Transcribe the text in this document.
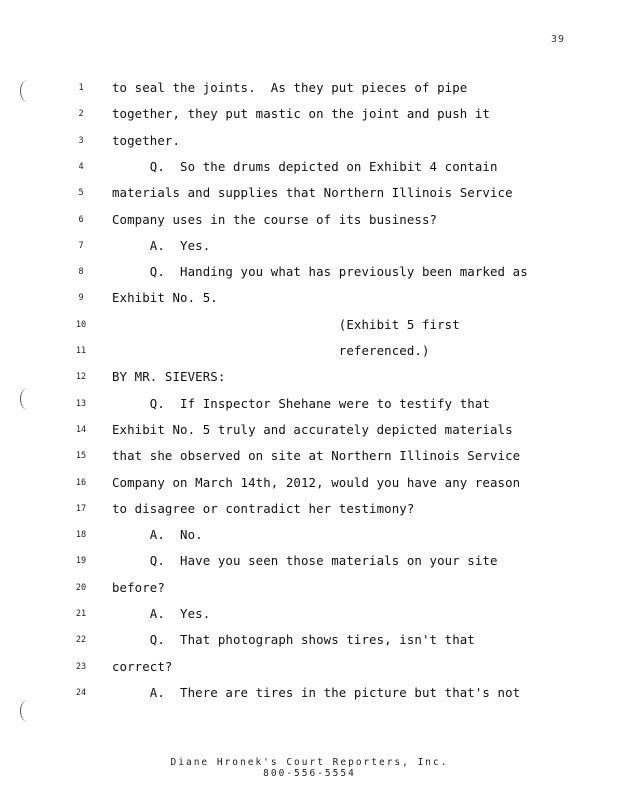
39
1	to seal the joints.  As they put pieces of pipe
2	together, they put mastic on the joint and push it
3	together.
4	Q.  So the drums depicted on Exhibit 4 contain
5	materials and supplies that Northern Illinois Service
6	Company uses in the course of its business?
7	A.  Yes.
8	Q.  Handing you what has previously been marked as
9	Exhibit No. 5.
10	(Exhibit 5 first
11	referenced.)
12	BY MR. SIEVERS:
13	Q.  If Inspector Shehane were to testify that
14	Exhibit No. 5 truly and accurately depicted materials
15	that she observed on site at Northern Illinois Service
16	Company on March 14th, 2012, would you have any reason
17	to disagree or contradict her testimony?
18	A.  No.
19	Q.  Have you seen those materials on your site
20	before?
21	A.  Yes.
22	Q.  That photograph shows tires, isn't that
23	correct?
24	A.  There are tires in the picture but that's not
Diane Hronek's Court Reporters, Inc.
800-556-5554
